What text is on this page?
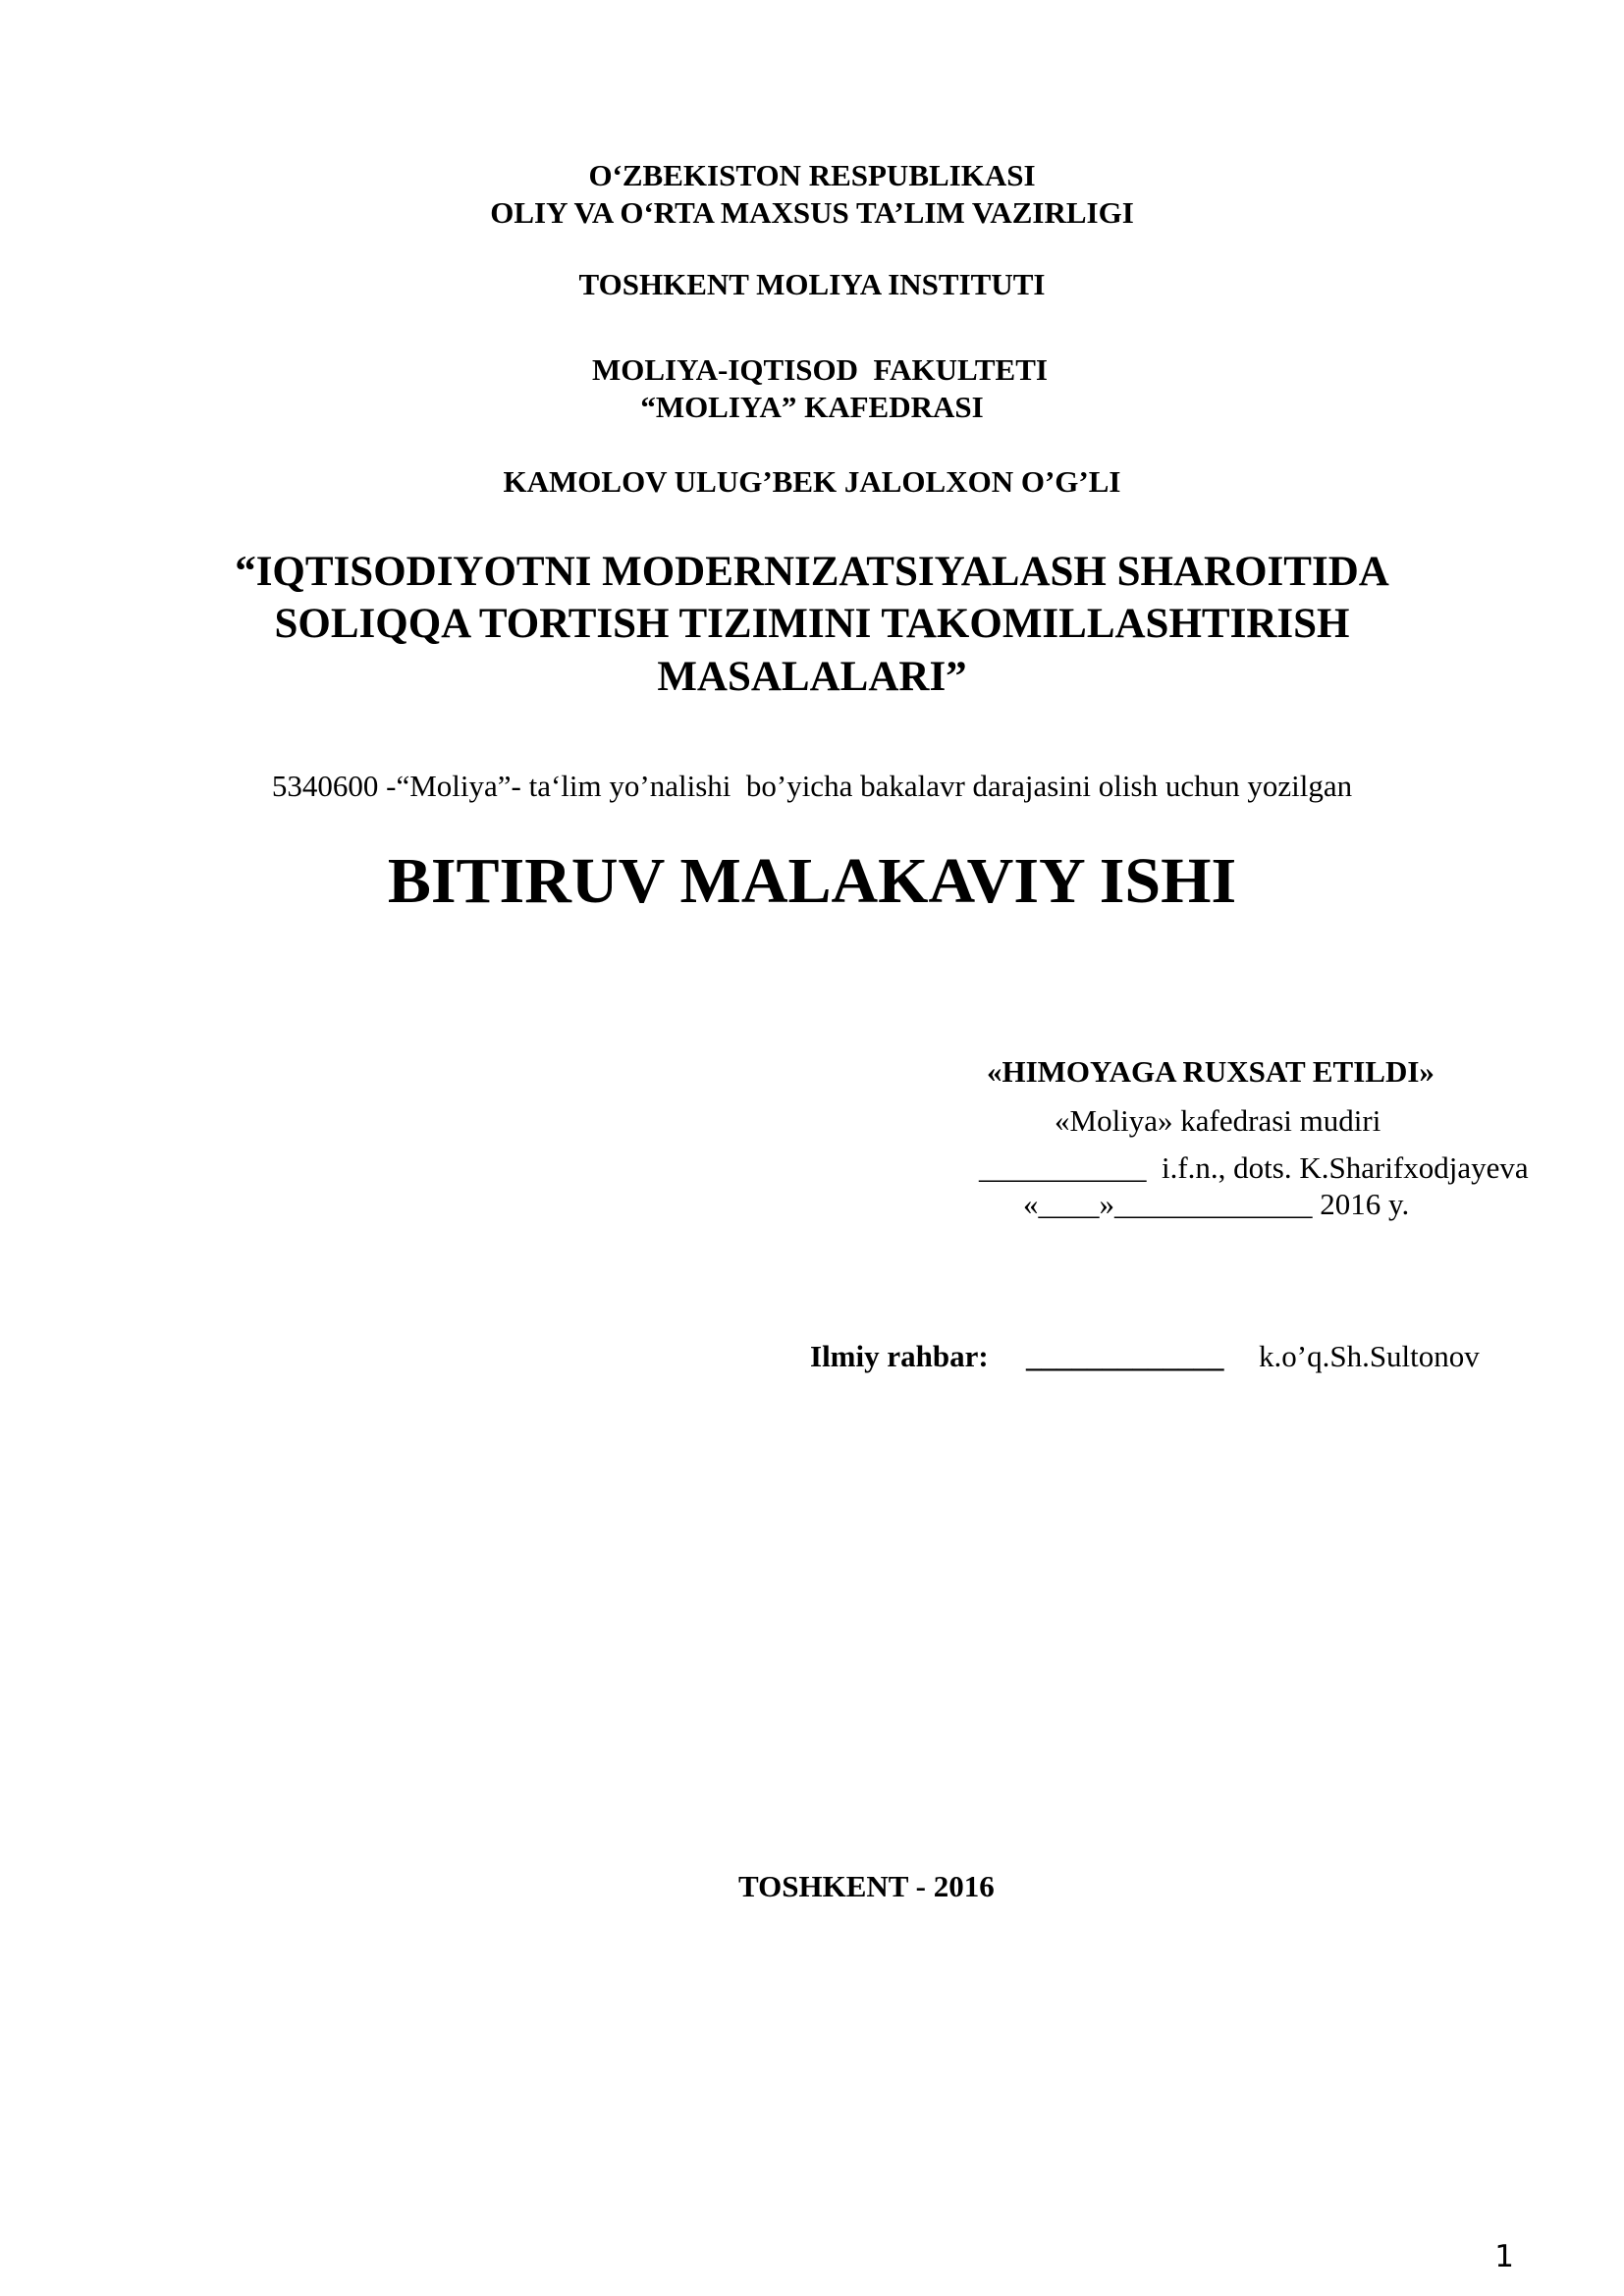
O‘ZBEKISTON RESPUBLIKASI
OLIY VA O‘RTA MAXSUS TA’LIM VAZIRLIGI
TOSHKENT MOLIYA INSTITUTI
MOLIYA-IQTISOD  FAKULTETI
“MOLIYA” KAFEDRASI
KAMOLOV ULUG’BEK JALOLXON O’G’LI
“IQTISODIYOTNI MODERNIZATSIYALASH SHAROITIDA
SOLIQQA TORTISH TIZIMINI TAKOMILLASHTIRISH
MASALALARI”
5340600 -“Moliya”- ta‘lim yo’nalishi  bo’yicha bakalavr darajasini olish uchun yozilgan
BITIRUV MALAKAVIY ISHI
«HIMOYAGA RUXSAT ETILDI»
«Moliya» kafedrasi mudiri
___________  i.f.n., dots. K.Sharifxodjayeva
«____»_____________ 2016 y.
Ilmiy rahbar: _____________ k.o’q.Sh.Sultonov
TOSHKENT - 2016
1
